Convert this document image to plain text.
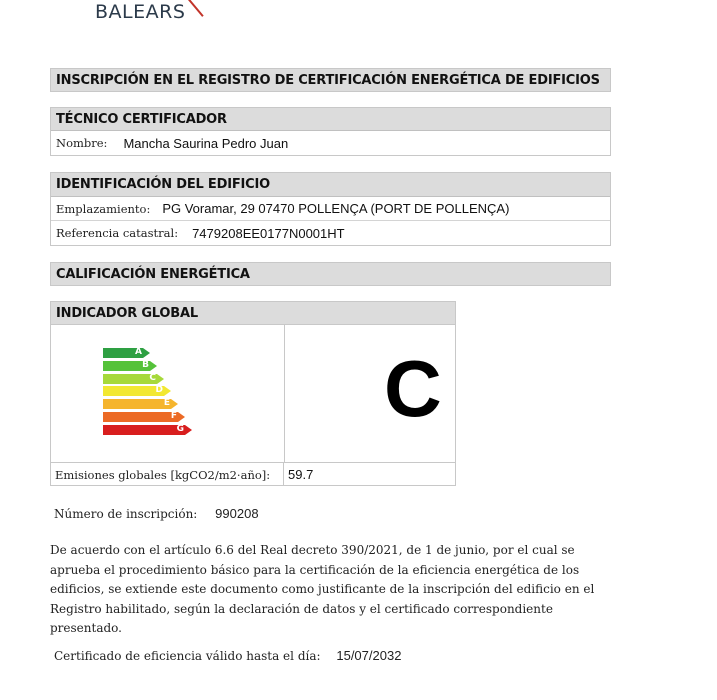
BALEARS
INSCRIPCIÓN EN EL REGISTRO DE CERTIFICACIÓN ENERGÉTICA DE EDIFICIOS
TÉCNICO CERTIFICADOR
Nombre: Mancha Saurina Pedro Juan
IDENTIFICACIÓN DEL EDIFICIO
Emplazamiento: PG Voramar, 29 07470 POLLENÇA (PORT DE POLLENÇA)
Referencia catastral: 7479208EE0177N0001HT
CALIFICACIÓN ENERGÉTICA
INDICADOR GLOBAL
A
B
C
D
E
F
G	C
Emisiones globales [kgCO2/m2·año]: 59.7
Número de inscripción: 990208
De acuerdo con el artículo 6.6 del Real decreto 390/2021, de 1 de junio, por el cual se aprueba el procedimiento básico para la certificación de la eficiencia energética de los edificios, se extiende este documento como justificante de la inscripción del edificio en el Registro habilitado, según la declaración de datos y el certificado correspondiente presentado.
Certificado de eficiencia válido hasta el día: 15/07/2032
